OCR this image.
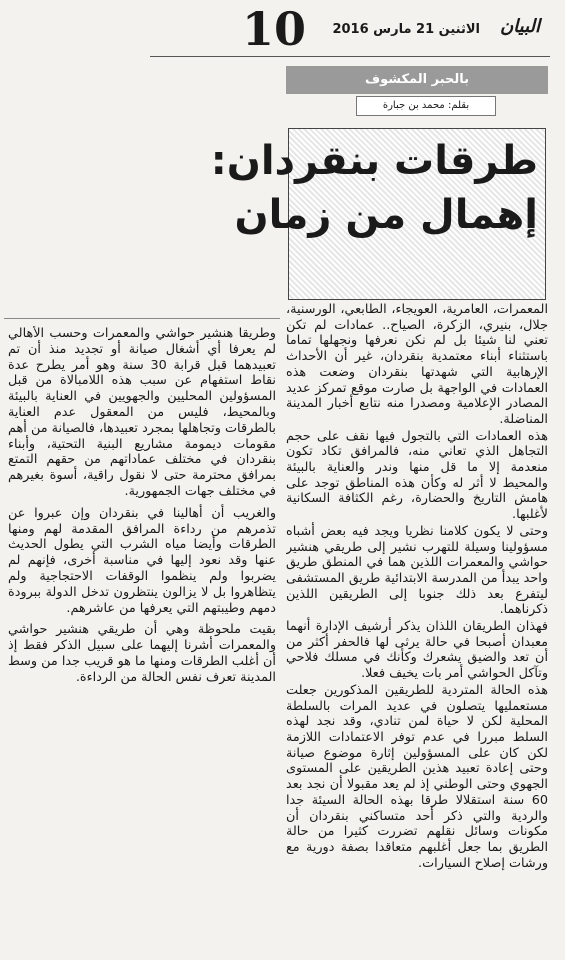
البيان
الاثنين 21 مارس 2016
10
بالحبر المكشوف
بقلم: محمد بن جبارة
طرقات بنقردان:
إهمال من زمان

المعمرات، العامرية، العويجاء، الطابعي، الورسنية، جلال، بنيري، الزكرة، الصياح.. عمادات لم تكن تعني لنا شيئا بل لم نكن نعرفها ونجهلها تماما باستثناء أبناء معتمدية بنقردان، غير أن الأحداث الإرهابية التي شهدتها بنقردان وضعت هذه العمادات في الواجهة بل صارت موقع تمركز عديد المصادر الإعلامية ومصدرا منه نتابع أخبار المدينة المناضلة.

هذه العمادات التي بالتجول فيها نقف على حجم التجاهل الذي تعاني منه، فالمرافق تكاد تكون منعدمة إلا ما قل منها وندر والعناية بالبيئة والمحيط لا أثر له وكأن هذه المناطق توجد على هامش التاريخ والحضارة، رغم الكثافة السكانية لأغلبها.

وحتى لا يكون كلامنا نظريا ويجد فيه بعض أشباه مسؤولينا وسيلة للتهرب نشير إلى طريقي هنشير حواشي والمعمرات اللذين هما في المنطق طريق واحد يبدأ من المدرسة الابتدائية طريق المستشفى ليتفرع بعد ذلك جنوبا إلى الطريقين اللذين ذكرناهما.

فهذان الطريقان اللذان يذكر أرشيف الإدارة أنهما معبدان أصبحا في حالة يرثى لها فالحفر أكثر من أن تعد والضيق يشعرك وكأنك في مسلك فلاحي وتآكل الحواشي أمر بات يخيف فعلا.

هذه الحالة المتردية للطريقين المذكورين جعلت مستعمليها يتصلون في عديد المرات بالسلطة المحلية لكن لا حياة لمن تنادي، وقد نجد لهذه السلط مبررا في عدم توفر الاعتمادات اللازمة لكن كان على المسؤولين إثارة موضوع صيانة وحتى إعادة تعبيد هذين الطريقين على المستوى الجهوي وحتى الوطني إذ لم يعد مقبولا أن نجد بعد 60 سنة استقلالا طرقا بهذه الحالة السيئة جدا والردية والتي ذكر أحد متساكني بنقردان أن مكونات وسائل نقلهم تضررت كثيرا من حالة الطريق بما جعل أغلبهم متعاقدا بصفة دورية مع ورشات إصلاح السيارات.

وطريقا هنشير حواشي والمعمرات وحسب الأهالي لم يعرفا أي أشغال صيانة أو تجديد منذ أن تم تعبيدهما قبل قرابة 30 سنة وهو أمر يطرح عدة نقاط استفهام عن سبب هذه اللامبالاة من قبل المسؤولين المحليين والجهويين في العناية بالبيئة وبالمحيط، فليس من المعقول عدم العناية بالطرقات وتجاهلها بمجرد تعبيدها، فالصيانة من أهم مقومات ديمومة مشاريع البنية التحتية، وأبناء بنقردان في مختلف عماداتهم من حقهم التمتع بمرافق محترمة حتى لا نقول راقية، أسوة بغيرهم في مختلف جهات الجمهورية.

والغريب أن أهالينا في بنقردان وإن عبروا عن تذمرهم من رداءة المرافق المقدمة لهم ومنها الطرقات وأيضا مياه الشرب التي يطول الحديث عنها وقد نعود إليها في مناسبة أخرى، فإنهم لم يضربوا ولم ينظموا الوقفات الاحتجاجية ولم يتظاهروا بل لا يزالون ينتظرون تدخل الدولة ببرودة دمهم وطيبتهم التي يعرفها من عاشرهم.

بقيت ملحوظة وهي أن طريقي هنشير حواشي والمعمرات أشرنا إليهما على سبيل الذكر فقط إذ أن أغلب الطرقات ومنها ما هو قريب جدا من وسط المدينة تعرف نفس الحالة من الرداءة.
